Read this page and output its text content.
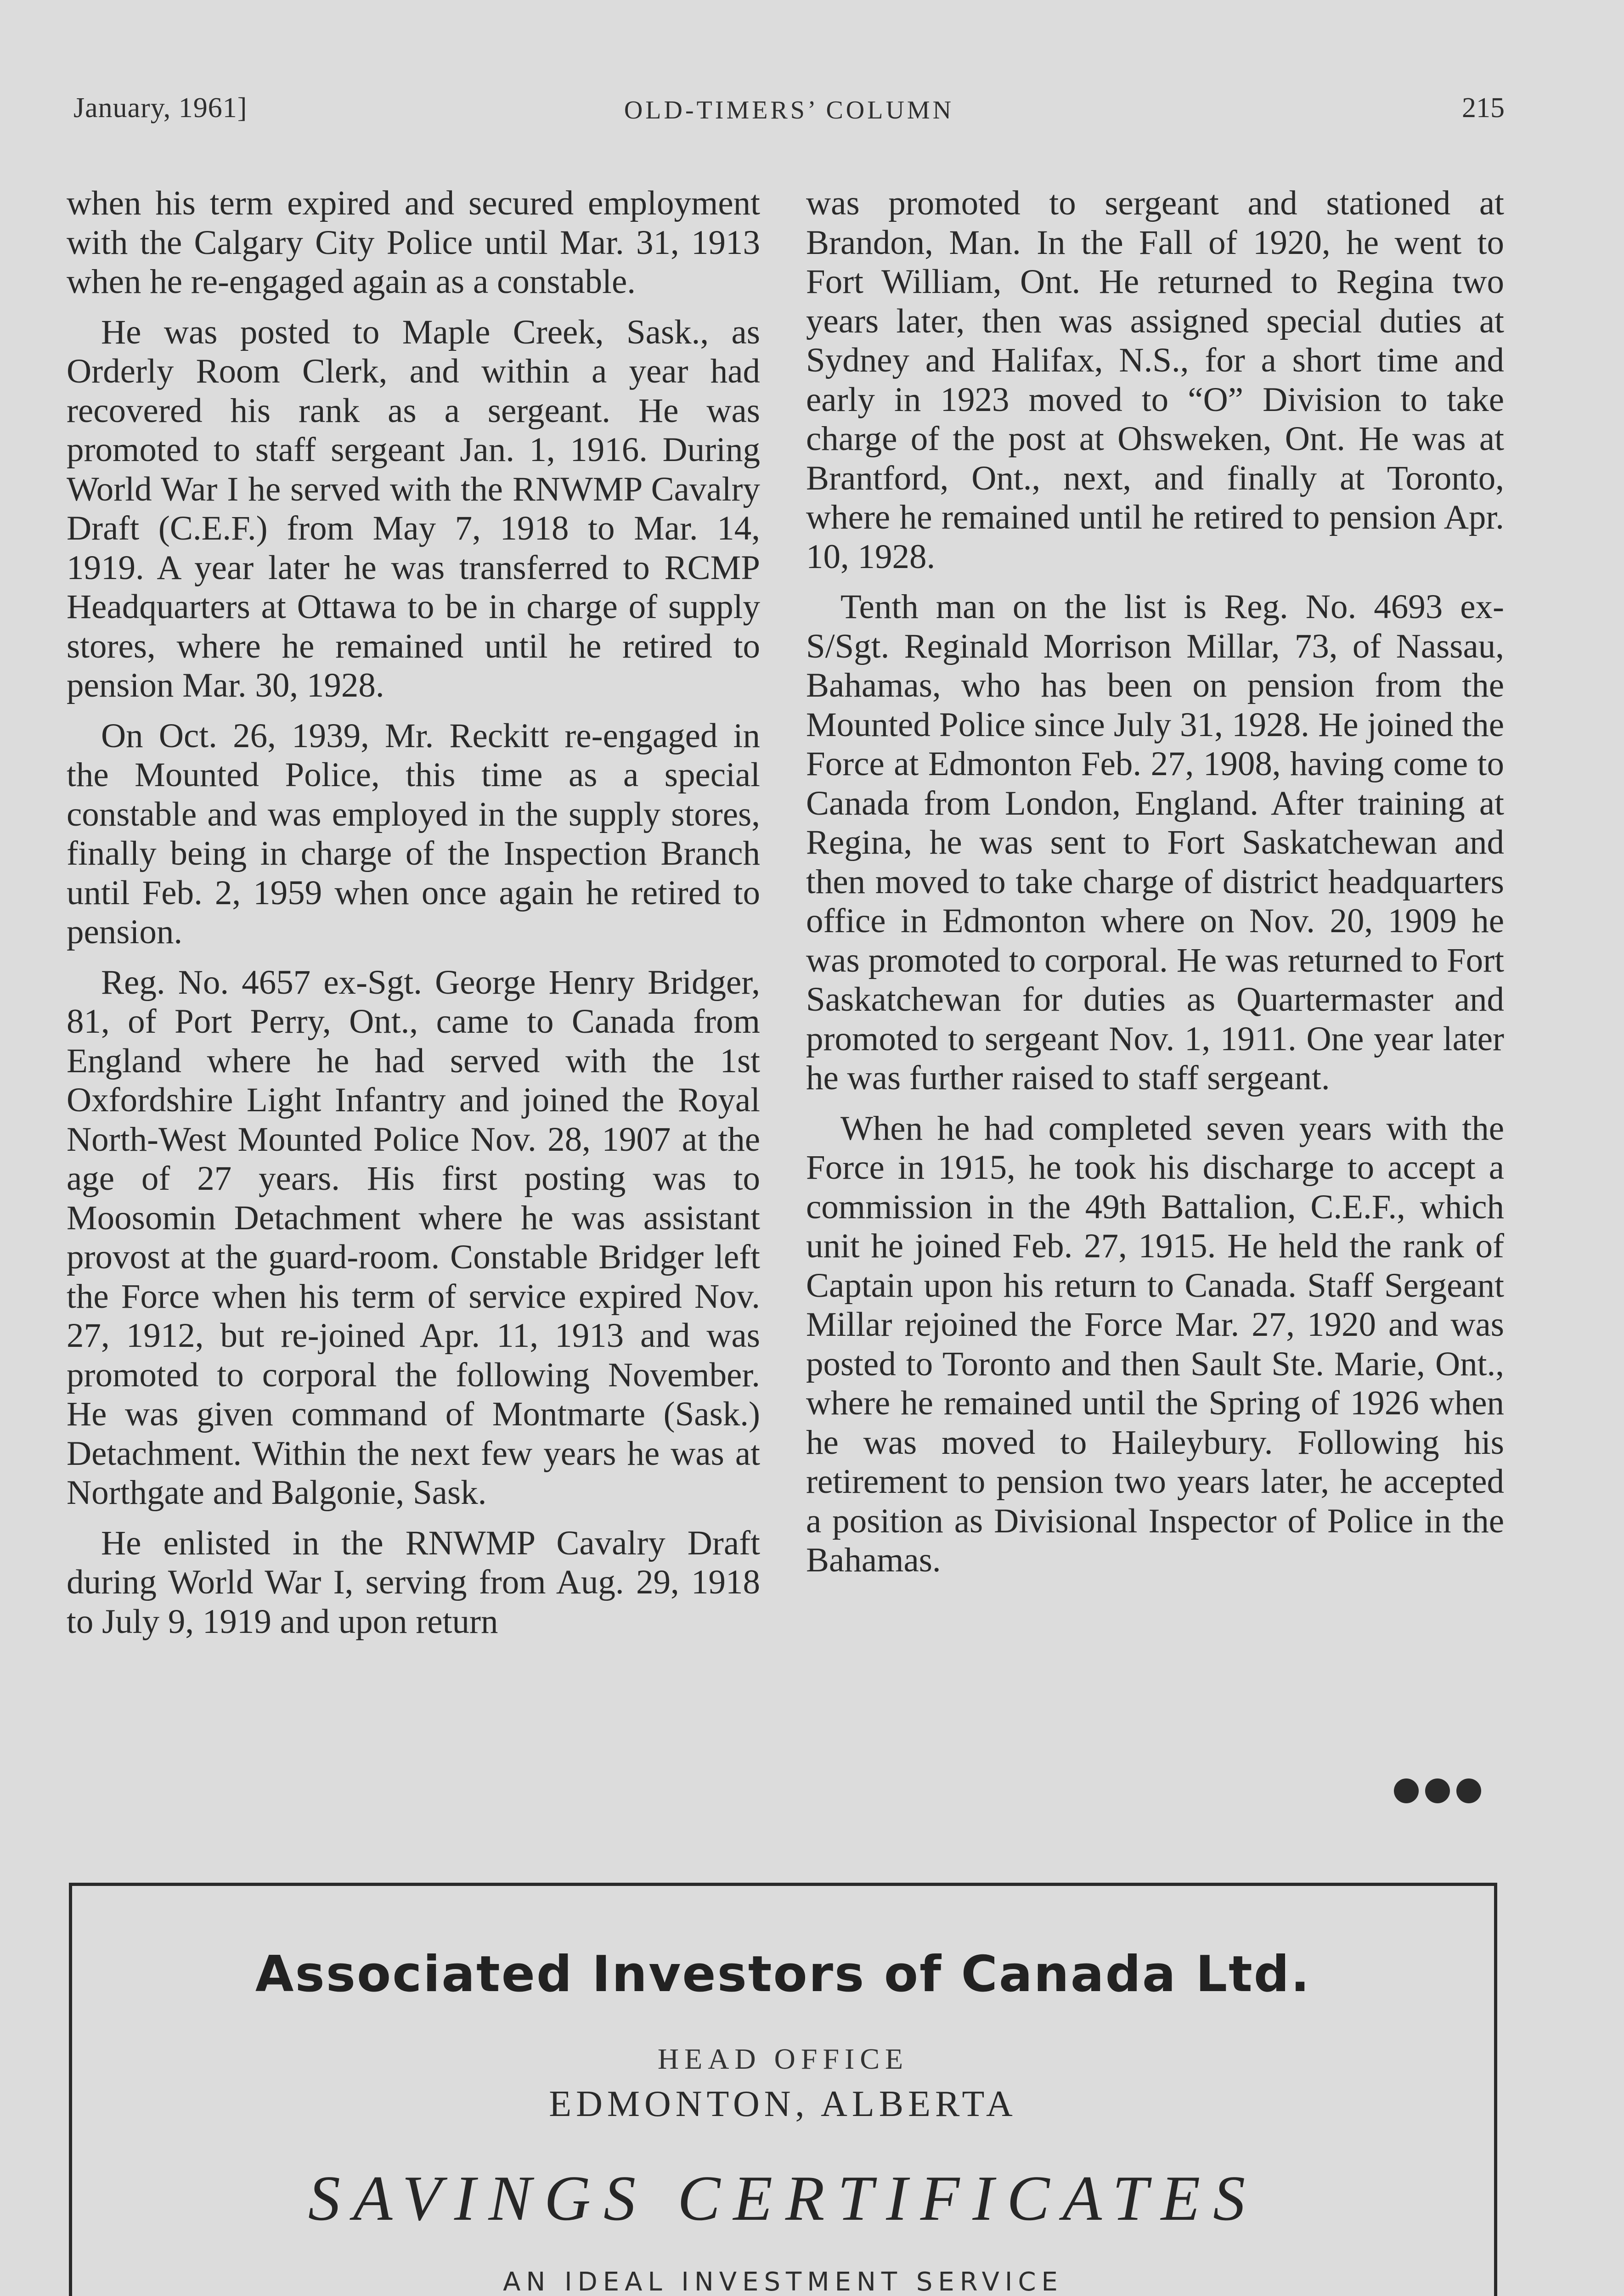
January, 1961]	OLD-TIMERS’ COLUMN	215

when his term expired and secured employment with the Calgary City Police until Mar. 31, 1913 when he re-engaged again as a constable.

He was posted to Maple Creek, Sask., as Orderly Room Clerk, and within a year had recovered his rank as a sergeant. He was promoted to staff sergeant Jan. 1, 1916. During World War I he served with the RNWMP Cavalry Draft (C.E.F.) from May 7, 1918 to Mar. 14, 1919. A year later he was transferred to RCMP Headquarters at Ottawa to be in charge of supply stores, where he remained until he retired to pension Mar. 30, 1928.

On Oct. 26, 1939, Mr. Reckitt re-engaged in the Mounted Police, this time as a special constable and was employed in the supply stores, finally being in charge of the Inspection Branch until Feb. 2, 1959 when once again he retired to pension.

Reg. No. 4657 ex-Sgt. George Henry Bridger, 81, of Port Perry, Ont., came to Canada from England where he had served with the 1st Oxfordshire Light Infantry and joined the Royal North-West Mounted Police Nov. 28, 1907 at the age of 27 years. His first posting was to Moosomin Detachment where he was assistant provost at the guard-room. Constable Bridger left the Force when his term of service expired Nov. 27, 1912, but re-joined Apr. 11, 1913 and was promoted to corporal the following November. He was given command of Montmarte (Sask.) Detachment. Within the next few years he was at Northgate and Balgonie, Sask.

He enlisted in the RNWMP Cavalry Draft during World War I, serving from Aug. 29, 1918 to July 9, 1919 and upon return

was promoted to sergeant and stationed at Brandon, Man. In the Fall of 1920, he went to Fort William, Ont. He returned to Regina two years later, then was assigned special duties at Sydney and Halifax, N.S., for a short time and early in 1923 moved to “O” Division to take charge of the post at Ohsweken, Ont. He was at Brantford, Ont., next, and finally at Toronto, where he remained until he retired to pension Apr. 10, 1928.

Tenth man on the list is Reg. No. 4693 ex-S/Sgt. Reginald Morrison Millar, 73, of Nassau, Bahamas, who has been on pension from the Mounted Police since July 31, 1928. He joined the Force at Edmonton Feb. 27, 1908, having come to Canada from London, England. After training at Regina, he was sent to Fort Saskatchewan and then moved to take charge of district headquarters office in Edmonton where on Nov. 20, 1909 he was promoted to corporal. He was returned to Fort Saskatchewan for duties as Quartermaster and promoted to sergeant Nov. 1, 1911. One year later he was further raised to staff sergeant.

When he had completed seven years with the Force in 1915, he took his discharge to accept a commission in the 49th Battalion, C.E.F., which unit he joined Feb. 27, 1915. He held the rank of Captain upon his return to Canada. Staff Sergeant Millar rejoined the Force Mar. 27, 1920 and was posted to Toronto and then Sault Ste. Marie, Ont., where he remained until the Spring of 1926 when he was moved to Haileybury. Following his retirement to pension two years later, he accepted a position as Divisional Inspector of Police in the Bahamas.

Associated Investors of Canada Ltd.
HEAD OFFICE
EDMONTON, ALBERTA
SAVINGS CERTIFICATES
AN IDEAL INVESTMENT SERVICE
